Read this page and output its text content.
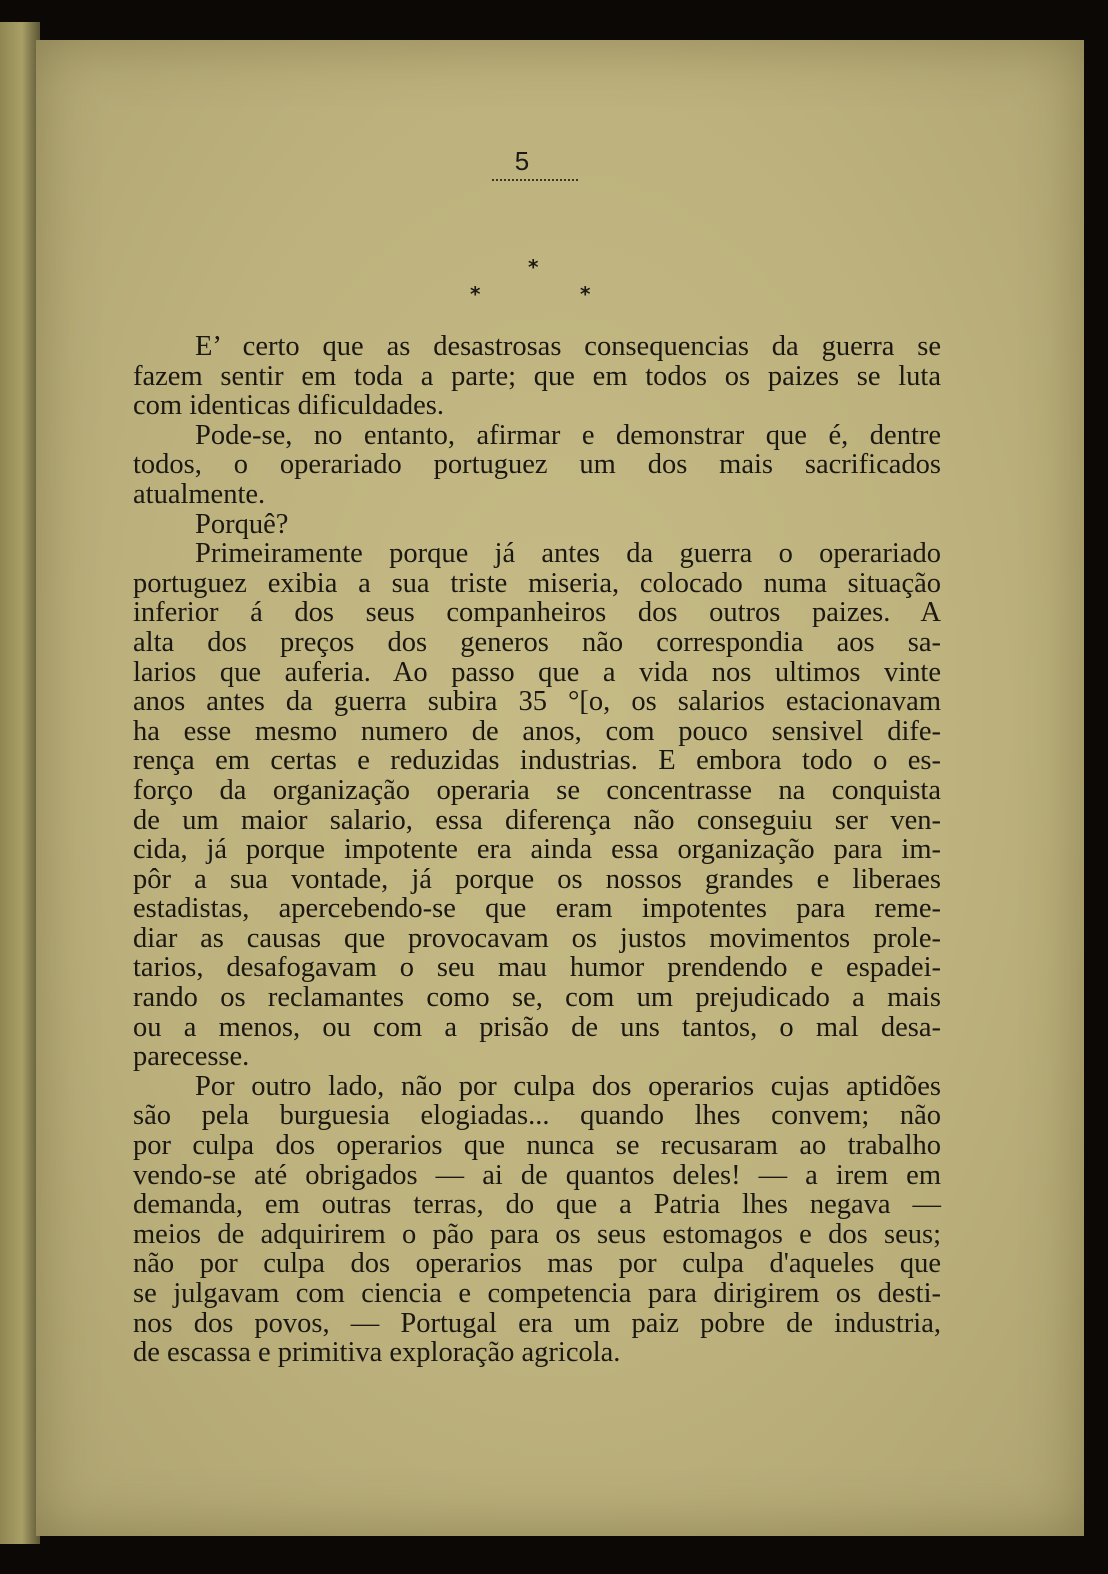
5
*
*	*
E’ certo que as desastrosas consequencias da guerra se
fazem sentir em toda a parte; que em todos os paizes se luta
com identicas dificuldades.
Pode-se, no entanto, afirmar e demonstrar que é, dentre
todos, o operariado portuguez um dos mais sacrificados
atualmente.
Porquê?
Primeiramente porque já antes da guerra o operariado
portuguez exibia a sua triste miseria, colocado numa situação
inferior á dos seus companheiros dos outros paizes. A
alta dos preços dos generos não correspondia aos sa-
larios que auferia. Ao passo que a vida nos ultimos vinte
anos antes da guerra subira 35 °[o, os salarios estacionavam
ha esse mesmo numero de anos, com pouco sensivel dife-
rença em certas e reduzidas industrias. E embora todo o es-
forço da organização operaria se concentrasse na conquista
de um maior salario, essa diferença não conseguiu ser ven-
cida, já porque impotente era ainda essa organização para im-
pôr a sua vontade, já porque os nossos grandes e liberaes
estadistas, apercebendo-se que eram impotentes para reme-
diar as causas que provocavam os justos movimentos prole-
tarios, desafogavam o seu mau humor prendendo e espadei-
rando os reclamantes como se, com um prejudicado a mais
ou a menos, ou com a prisão de uns tantos, o mal desa-
parecesse.
Por outro lado, não por culpa dos operarios cujas aptidões
são pela burguesia elogiadas... quando lhes convem; não
por culpa dos operarios que nunca se recusaram ao trabalho
vendo-se até obrigados — ai de quantos deles! — a irem em
demanda, em outras terras, do que a Patria lhes negava —
meios de adquirirem o pão para os seus estomagos e dos seus;
não por culpa dos operarios mas por culpa d'aqueles que
se julgavam com ciencia e competencia para dirigirem os desti-
nos dos povos, — Portugal era um paiz pobre de industria,
de escassa e primitiva exploração agricola.
